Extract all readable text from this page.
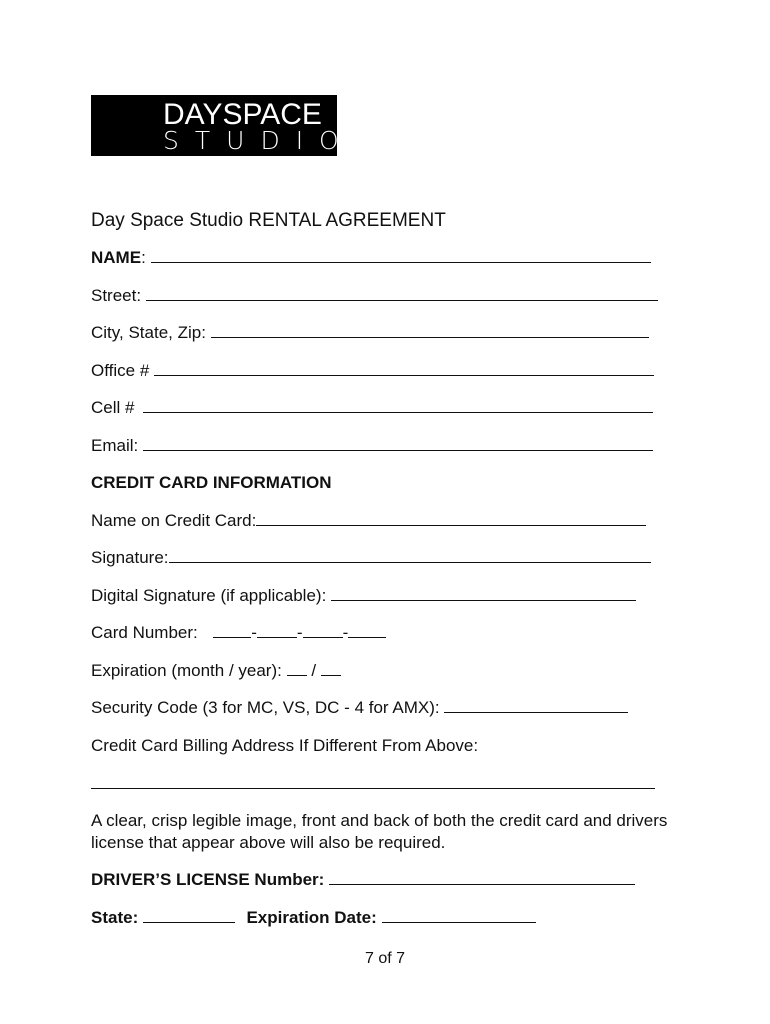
DAYSPACE
STUDIO
Day Space Studio RENTAL AGREEMENT
NAME:
Street:
City, State, Zip:
Office #
Cell #
Email:
CREDIT CARD INFORMATION
Name on Credit Card:
Signature:
Digital Signature (if applicable):
Card Number:	- - -
Expiration (month / year): /
Security Code (3 for MC, VS, DC - 4 for AMX):
Credit Card Billing Address If Different From Above:
A clear, crisp legible image, front and back of both the credit card and drivers license that appear above will also be required.
DRIVER’S LICENSE Number:
State:	Expiration Date:
7 of 7
